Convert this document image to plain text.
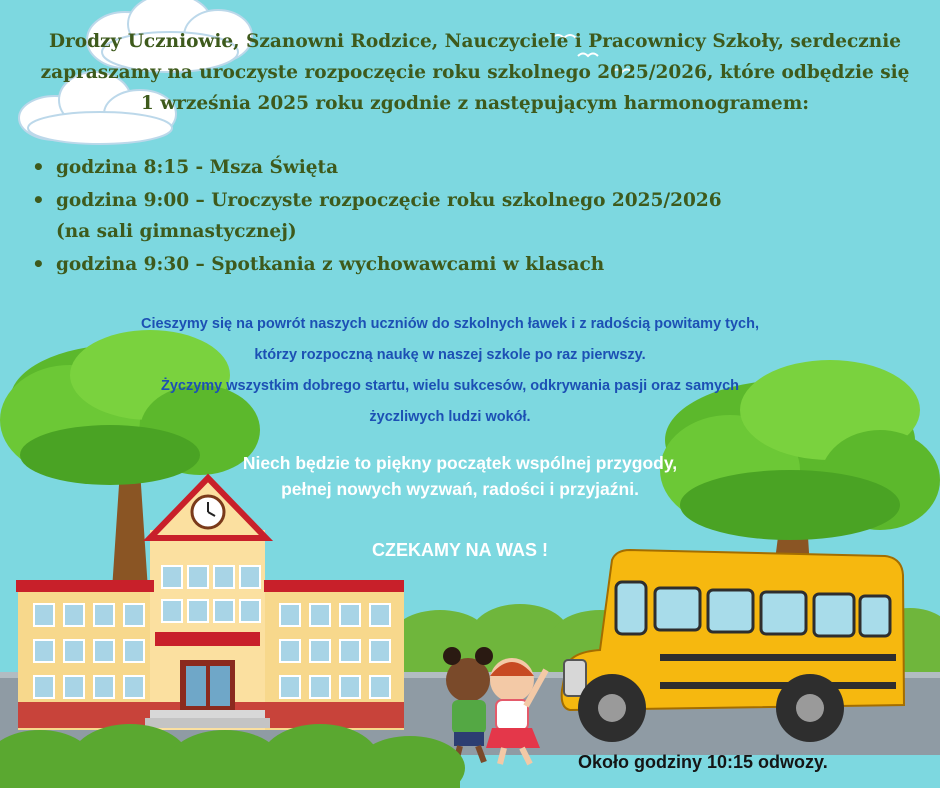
Drodzy Uczniowie, Szanowni Rodzice, Nauczyciele i Pracownicy Szkoły, serdecznie
zapraszamy na uroczyste rozpoczęcie roku szkolnego 2025/2026, które odbędzie się
1 września 2025 roku zgodnie z następującym harmonogramem:

• godzina 8:15 - Msza Święta
• godzina 9:00 – Uroczyste rozpoczęcie roku szkolnego 2025/2026
(na sali gimnastycznej)
• godzina 9:30 – Spotkania z wychowawcami w klasach

Cieszymy się na powrót naszych uczniów do szkolnych ławek i z radością powitamy tych,

którzy rozpoczną naukę w naszej szkole po raz pierwszy.

Życzymy wszystkim dobrego startu, wielu sukcesów, odkrywania pasji oraz samych

życzliwych ludzi wokół.

Niech będzie to piękny początek wspólnej przygody,
pełnej nowych wyzwań, radości i przyjaźni.

CZEKAMY NA WAS !

Około godziny 10:15 odwozy.
